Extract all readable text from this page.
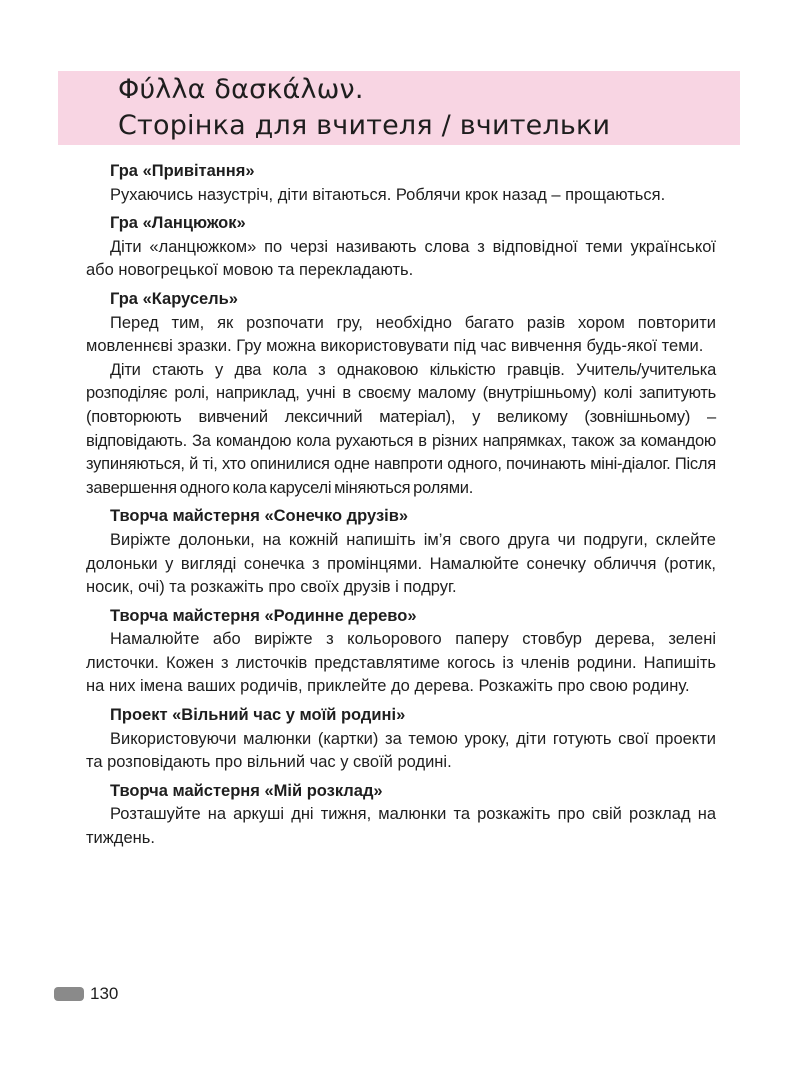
Φύλλα δασκάλων.
Сторінка для вчителя / вчительки

Гра «Привітання»

Рухаючись назустріч, діти вітаються. Роблячи крок назад – прощаються.

Гра «Ланцюжок»

Діти «ланцюжком» по черзі називають слова з відповідної теми української або новогрецької мовою та перекладають.

Гра «Карусель»

Перед тим, як розпочати гру, необхідно багато разів хором повторити мовленнєві зразки. Гру можна використовувати під час вивчення будь-якої теми.

Діти стають у два кола з однаковою кількістю гравців. Учитель/учителька розподіляє ролі, наприклад, учні в своєму малому (внутрішньому) колі запитують (повторюють вивчений лексичний матеріал), у великому (зовнішньому) – відповідають. За командою кола рухаються в різних напрямках, також за командою зупиняються, й ті, хто опинилися одне навпроти одного, починають міні-діалог. Після завершення одного кола каруселі міняються ролями.

Творча майстерня «Сонечко друзів»

Виріжте долоньки, на кожній напишіть ім’я свого друга чи подруги, склейте долоньки у вигляді сонечка з промінцями. Намалюйте сонечку обличчя (ротик, носик, очі) та розкажіть про своїх друзів і подруг.

Творча майстерня «Родинне дерево»

Намалюйте або виріжте з кольорового паперу стовбур дерева, зелені листочки. Кожен з листочків представлятиме когось із членів родини. Напишіть на них імена ваших родичів, приклейте до дерева. Розкажіть про свою родину.

Проект «Вільний час у моїй родині»

Використовуючи малюнки (картки) за темою уроку, діти готують свої проекти та розповідають про вільний час у своїй родині.

Творча майстерня «Мій розклад»

Розташуйте на аркуші дні тижня, малюнки та розкажіть про свій розклад на тиждень.

130
